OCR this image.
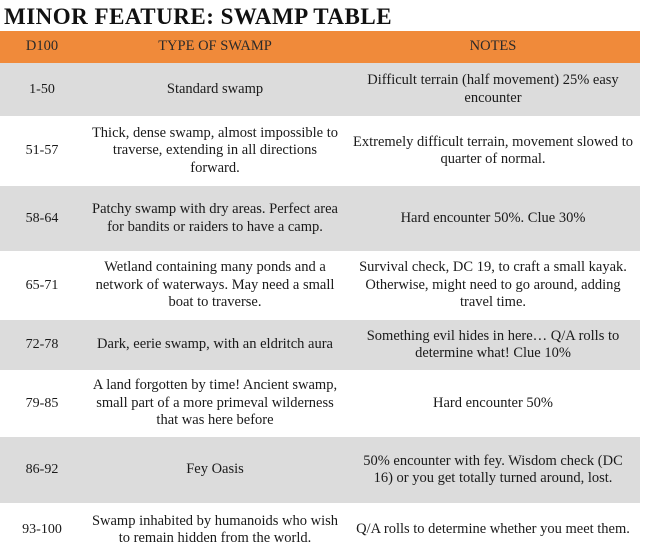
MINOR FEATURE: SWAMP TABLE
D100	TYPE OF SWAMP	NOTES
1-50	Standard swamp	Difficult terrain (half movement) 25% easy encounter
51-57	Thick, dense swamp, almost impossible to traverse, extending in all directions forward.	Extremely difficult terrain, movement slowed to quarter of normal.
58-64	Patchy swamp with dry areas. Perfect area for bandits or raiders to have a camp.	Hard encounter 50%. Clue 30%
65-71	Wetland containing many ponds and a network of waterways. May need a small boat to traverse.	Survival check, DC 19, to craft a small kayak. Otherwise, might need to go around, adding travel time.
72-78	Dark, eerie swamp, with an eldritch aura	Something evil hides in here… Q/A rolls to determine what! Clue 10%
79-85	A land forgotten by time! Ancient swamp, small part of a more primeval wilderness that was here before	Hard encounter 50%
86-92	Fey Oasis	50% encounter with fey. Wisdom check (DC 16) or you get totally turned around, lost.
93-100	Swamp inhabited by humanoids who wish to remain hidden from the world.	Q/A rolls to determine whether you meet them.
